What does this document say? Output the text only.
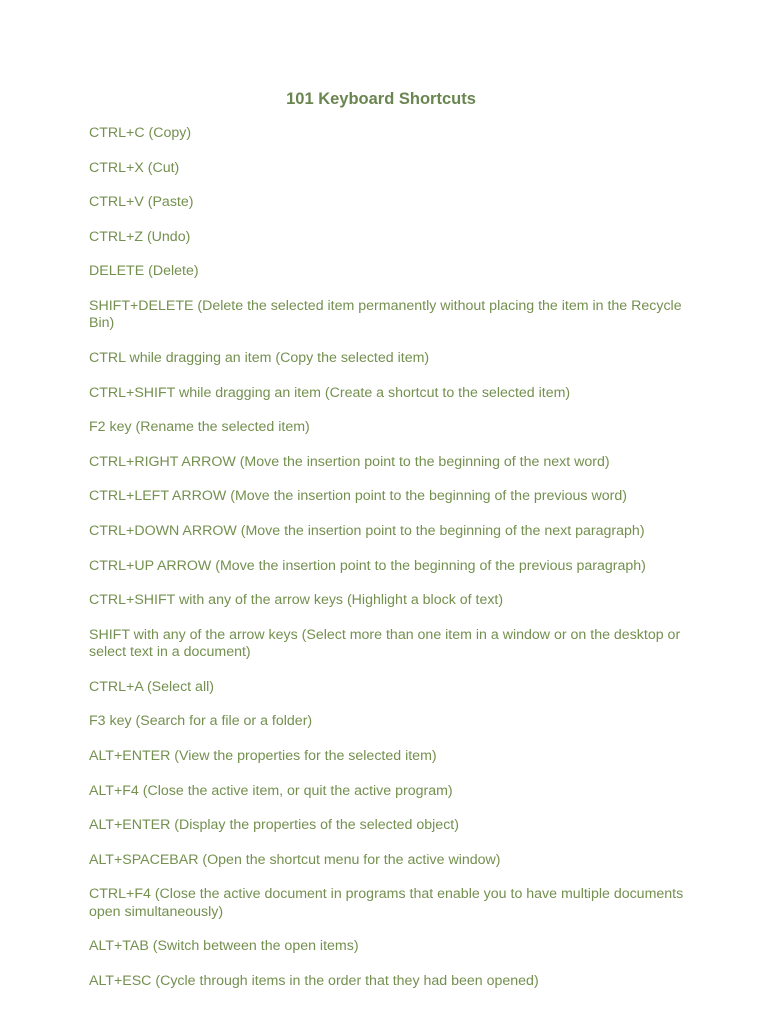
101 Keyboard Shortcuts
CTRL+C (Copy)
CTRL+X (Cut)
CTRL+V (Paste)
CTRL+Z (Undo)
DELETE (Delete)
SHIFT+DELETE (Delete the selected item permanently without placing the item in the Recycle Bin)
CTRL while dragging an item (Copy the selected item)
CTRL+SHIFT while dragging an item (Create a shortcut to the selected item)
F2 key (Rename the selected item)
CTRL+RIGHT ARROW (Move the insertion point to the beginning of the next word)
CTRL+LEFT ARROW (Move the insertion point to the beginning of the previous word)
CTRL+DOWN ARROW (Move the insertion point to the beginning of the next paragraph)
CTRL+UP ARROW (Move the insertion point to the beginning of the previous paragraph)
CTRL+SHIFT with any of the arrow keys (Highlight a block of text)
SHIFT with any of the arrow keys (Select more than one item in a window or on the desktop or select text in a document)
CTRL+A (Select all)
F3 key (Search for a file or a folder)
ALT+ENTER (View the properties for the selected item)
ALT+F4 (Close the active item, or quit the active program)
ALT+ENTER (Display the properties of the selected object)
ALT+SPACEBAR (Open the shortcut menu for the active window)
CTRL+F4 (Close the active document in programs that enable you to have multiple documents open simultaneously)
ALT+TAB (Switch between the open items)
ALT+ESC (Cycle through items in the order that they had been opened)
